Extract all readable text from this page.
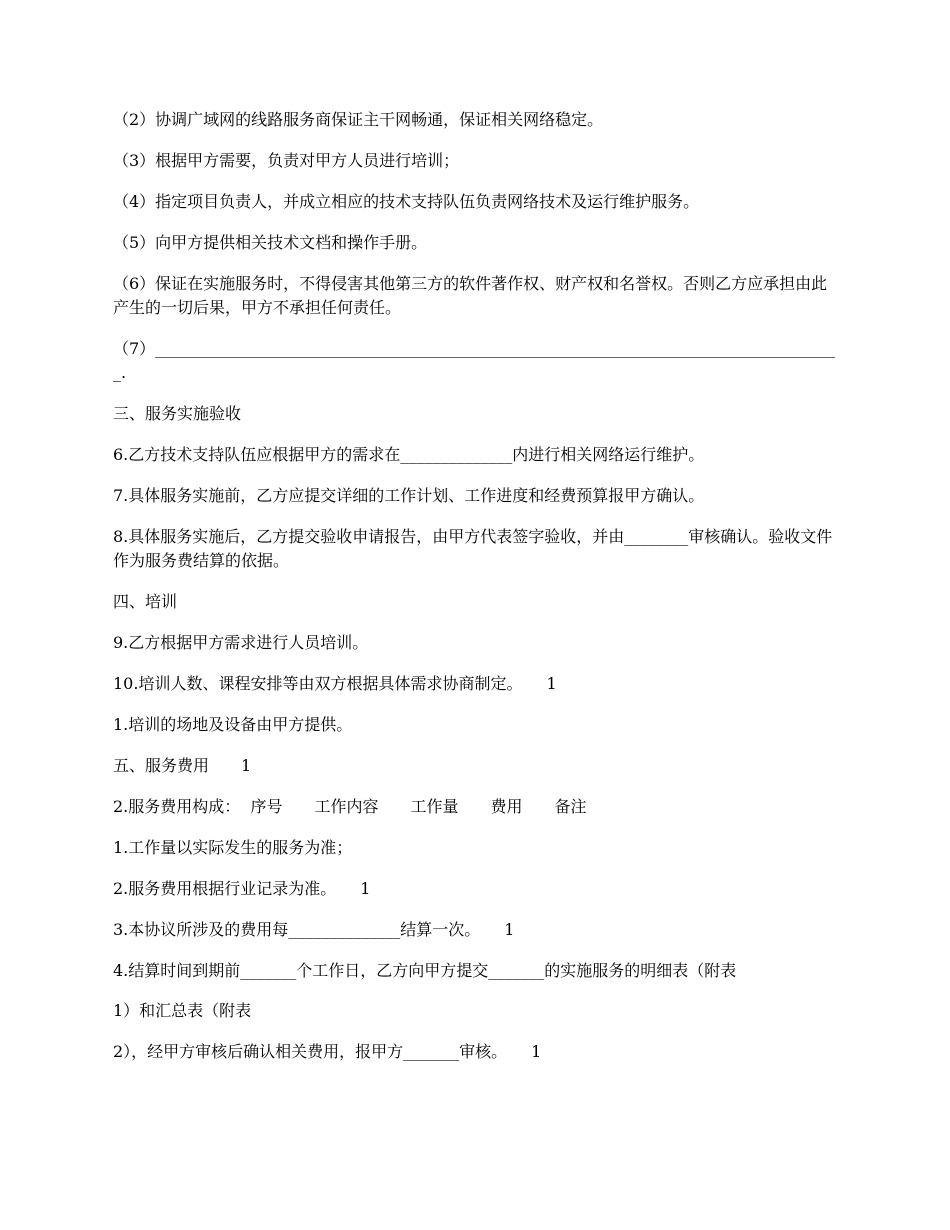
（2）协调广域网的线路服务商保证主干网畅通，保证相关网络稳定。

（3）根据甲方需要，负责对甲方人员进行培训；

（4）指定项目负责人，并成立相应的技术支持队伍负责网络技术及运行维护服务。

（5）向甲方提供相关技术文档和操作手册。

（6）保证在实施服务时，不得侵害其他第三方的软件著作权、财产权和名誉权。否则乙方应承担由此产生的一切后果，甲方不承担任何责任。

（7）______________________________________________________________________________________.

三、服务实施验收

6.乙方技术支持队伍应根据甲方的需求在______________内进行相关网络运行维护。

7.具体服务实施前，乙方应提交详细的工作计划、工作进度和经费预算报甲方确认。

8.具体服务实施后，乙方提交验收申请报告，由甲方代表签字验收，并由________审核确认。验收文件作为服务费结算的依据。

四、培训

9.乙方根据甲方需求进行人员培训。

10.培训人数、课程安排等由双方根据具体需求协商制定。　　1

1.培训的场地及设备由甲方提供。

五、服务费用　　1

2.服务费用构成：  序号　　工作内容　　工作量　　费用　　备注

1.工作量以实际发生的服务为准；

2.服务费用根据行业记录为准。　　1

3.本协议所涉及的费用每______________结算一次。　　1

4.结算时间到期前_______个工作日，乙方向甲方提交_______的实施服务的明细表（附表

1）和汇总表（附表

2），经甲方审核后确认相关费用，报甲方_______审核。　　1
